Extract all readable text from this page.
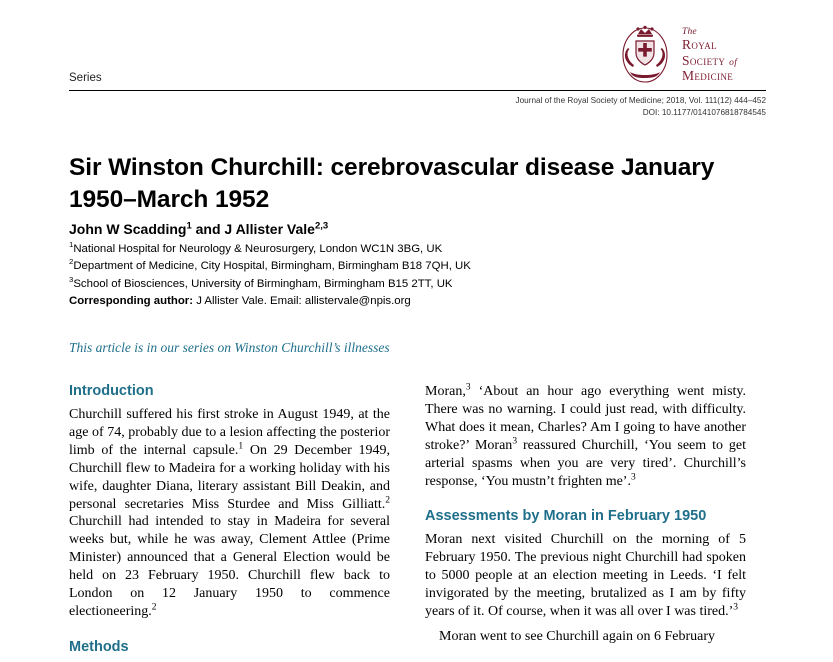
The
Royal
Society of
Medicine
Series
Journal of the Royal Society of Medicine; 2018, Vol. 111(12) 444–452
DOI: 10.1177/0141076818784545
Sir Winston Churchill: cerebrovascular disease January 1950–March 1952
John W Scadding$^1$ and J Allister Vale$^{2,3}$
$^1$National Hospital for Neurology & Neurosurgery, London WC1N 3BG, UK
$^2$Department of Medicine, City Hospital, Birmingham, Birmingham B18 7QH, UK
$^3$School of Biosciences, University of Birmingham, Birmingham B15 2TT, UK
Corresponding author: J Allister Vale. Email: allistervale@npis.org
This article is in our series on Winston Churchill’s illnesses
Introduction

Churchill suffered his first stroke in August 1949, at the age of 74, probably due to a lesion affecting the posterior limb of the internal capsule.$^1$ On 29 December 1949, Churchill flew to Madeira for a working holiday with his wife, daughter Diana, literary assistant Bill Deakin, and personal secretaries Miss Sturdee and Miss Gilliatt.$^2$ Churchill had intended to stay in Madeira for several weeks but, while he was away, Clement Attlee (Prime Minister) announced that a General Election would be held on 23 February 1950. Churchill flew back to London on 12 January 1950 to commence electioneering.$^2$

Methods

Moran,$^3$ ‘About an hour ago everything went misty. There was no warning. I could just read, with difficulty. What does it mean, Charles? Am I going to have another stroke?’ Moran$^3$ reassured Churchill, ‘You seem to get arterial spasms when you are very tired’. Churchill’s response, ‘You mustn’t frighten me’.$^3$

Assessments by Moran in February 1950

Moran next visited Churchill on the morning of 5 February 1950. The previous night Churchill had spoken to 5000 people at an election meeting in Leeds. ‘I felt invigorated by the meeting, brutalized as I am by fifty years of it. Of course, when it was all over I was tired.’$^3$

Moran went to see Churchill again on 6 February
